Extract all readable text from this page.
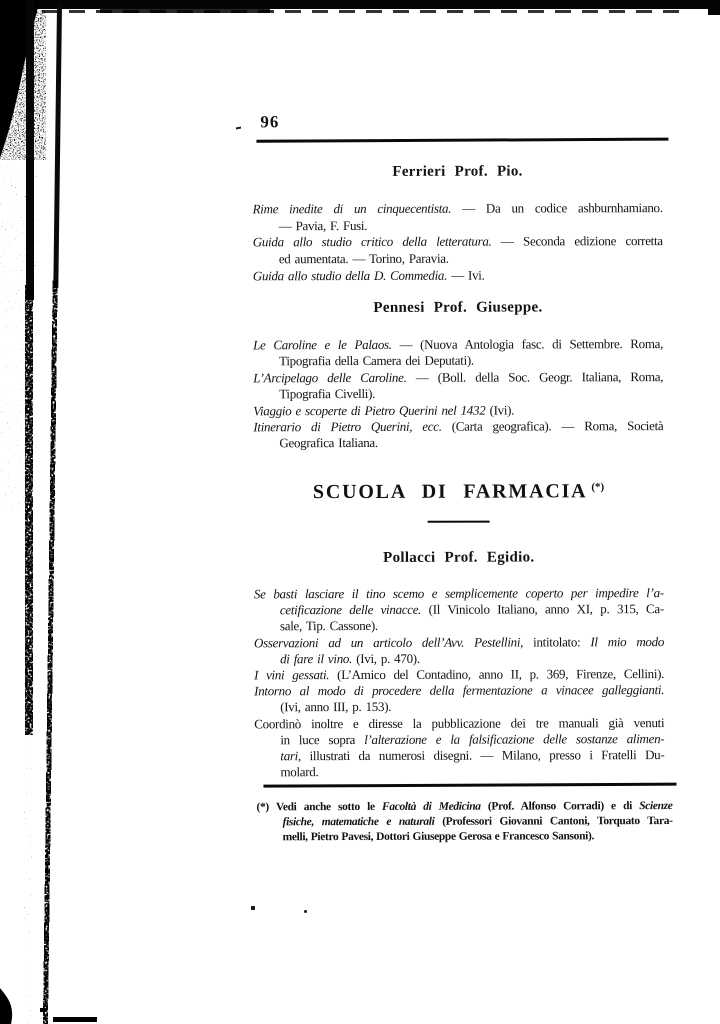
96
Ferrieri Prof. Pio.
Rime inedite di un cinquecentista. — Da un codice ashburnhamiano.
— Pavia, F. Fusi.
Guida allo studio critico della letteratura. — Seconda edizione corretta
ed aumentata. — Torino, Paravia.
Guida allo studio della D. Commedia. — Ivi.
Pennesi Prof. Giuseppe.
Le Caroline e le Palaos. — (Nuova Antologia fasc. di Settembre. Roma,
Tipografia della Camera dei Deputati).
L’Arcipelago delle Caroline. — (Boll. della Soc. Geogr. Italiana, Roma,
Tipografia Civelli).
Viaggio e scoperte di Pietro Querini nel 1432 (Ivi).
Itinerario di Pietro Querini, ecc. (Carta geografica). — Roma, Società
Geografica Italiana.
SCUOLA DI FARMACIA (*)
Pollacci Prof. Egidio.
Se basti lasciare il tino scemo e semplicemente coperto per impedire l’a-
cetificazione delle vinacce. (Il Vinicolo Italiano, anno XI, p. 315, Ca-
sale, Tip. Cassone).
Osservazioni ad un articolo dell’Avv. Pestellini, intitolato: Il mio modo
di fare il vino. (Ivi, p. 470).
I vini gessati. (L’Amico del Contadino, anno II, p. 369, Firenze, Cellini).
Intorno al modo di procedere della fermentazione a vinacee galleggianti.
(Ivi, anno III, p. 153).
Coordinò inoltre e diresse la pubblicazione dei tre manuali già venuti
in luce sopra l’alterazione e la falsificazione delle sostanze alimen-
tari, illustrati da numerosi disegni. — Milano, presso i Fratelli Du-
molard.
(*) Vedi anche sotto le Facoltà di Medicina (Prof. Alfonso Corradi) e di Scienze
fisiche, matematiche e naturali (Professori Giovanni Cantoni, Torquato Tara-
melli, Pietro Pavesi, Dottori Giuseppe Gerosa e Francesco Sansoni).
